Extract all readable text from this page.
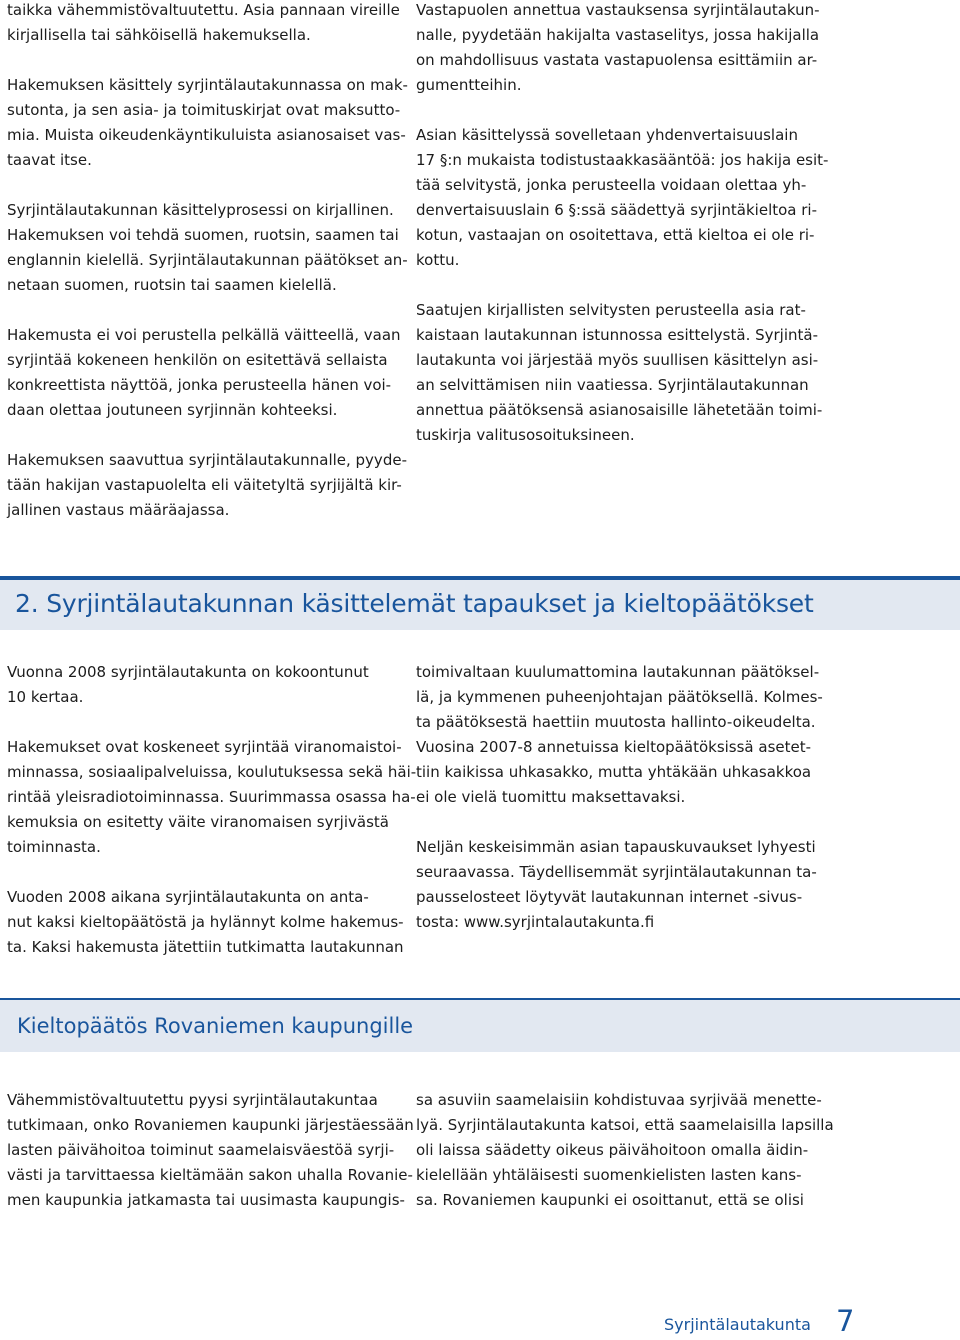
taikka vähemmistövaltuutettu. Asia pannaan vireille
kirjallisella tai sähköisellä hakemuksella.

Hakemuksen käsittely syrjintälautakunnassa on mak-
sutonta, ja sen asia- ja toimituskirjat ovat maksutto-
mia. Muista oikeudenkäyntikuluista asianosaiset vas-
taavat itse.

Syrjintälautakunnan käsittelyprosessi on kirjallinen.
Hakemuksen voi tehdä suomen, ruotsin, saamen tai
englannin kielellä. Syrjintälautakunnan päätökset an-
netaan suomen, ruotsin tai saamen kielellä.

Hakemusta ei voi perustella pelkällä väitteellä, vaan
syrjintää kokeneen henkilön on esitettävä sellaista
konkreettista näyttöä, jonka perusteella hänen voi-
daan olettaa joutuneen syrjinnän kohteeksi.

Hakemuksen saavuttua syrjintälautakunnalle, pyyde-
tään hakijan vastapuolelta eli väitetyltä syrjijältä kir-
jallinen vastaus määräajassa.

Vastapuolen annettua vastauksensa syrjintälautakun-
nalle, pyydetään hakijalta vastaselitys, jossa hakijalla
on mahdollisuus vastata vastapuolensa esittämiin ar-
gumentteihin.

Asian käsittelyssä sovelletaan yhdenvertaisuuslain
17 §:n mukaista todistustaakkasääntöä: jos hakija esit-
tää selvitystä, jonka perusteella voidaan olettaa yh-
denvertaisuuslain 6 §:ssä säädettyä syrjintäkieltoa ri-
kotun, vastaajan on osoitettava, että kieltoa ei ole ri-
kottu.

Saatujen kirjallisten selvitysten perusteella asia rat-
kaistaan lautakunnan istunnossa esittelystä. Syrjintä-
lautakunta voi järjestää myös suullisen käsittelyn asi-
an selvittämisen niin vaatiessa. Syrjintälautakunnan
annettua päätöksensä asianosaisille lähetetään toimi-
tuskirja valitusosoituksineen.

2. Syrjintälautakunnan käsittelemät tapaukset ja kieltopäätökset

Vuonna 2008 syrjintälautakunta on kokoontunut
10 kertaa.

Hakemukset ovat koskeneet syrjintää viranomaistoi-
minnassa, sosiaalipalveluissa, koulutuksessa sekä häi-
rintää yleisradiotoiminnassa. Suurimmassa osassa ha-
kemuksia on esitetty väite viranomaisen syrjivästä
toiminnasta.

Vuoden 2008 aikana syrjintälautakunta on anta-
nut kaksi kieltopäätöstä ja hylännyt kolme hakemus-
ta. Kaksi hakemusta jätettiin tutkimatta lautakunnan

toimivaltaan kuulumattomina lautakunnan päätöksel-
lä, ja kymmenen puheenjohtajan päätöksellä. Kolmes-
ta päätöksestä haettiin muutosta hallinto-oikeudelta.
Vuosina 2007-8 annetuissa kieltopäätöksissä asetet-
tiin kaikissa uhkasakko, mutta yhtäkään uhkasakkoa
ei ole vielä tuomittu maksettavaksi.

Neljän keskeisimmän asian tapauskuvaukset lyhyesti
seuraavassa. Täydellisemmät syrjintälautakunnan ta-
pausselosteet löytyvät lautakunnan internet -sivus-
tosta: www.syrjintalautakunta.fi

Kieltopäätös Rovaniemen kaupungille

Vähemmistövaltuutettu pyysi syrjintälautakuntaa
tutkimaan, onko Rovaniemen kaupunki järjestäessään
lasten päivähoitoa toiminut saamelaisväestöä syrji-
västi ja tarvittaessa kieltämään sakon uhalla Rovanie-
men kaupunkia jatkamasta tai uusimasta kaupungis-

sa asuviin saamelaisiin kohdistuvaa syrjivää menette-
lyä. Syrjintälautakunta katsoi, että saamelaisilla lapsilla
oli laissa säädetty oikeus päivähoitoon omalla äidin-
kielellään yhtäläisesti suomenkielisten lasten kans-
sa. Rovaniemen kaupunki ei osoittanut, että se olisi

Syrjintälautakunta 7
